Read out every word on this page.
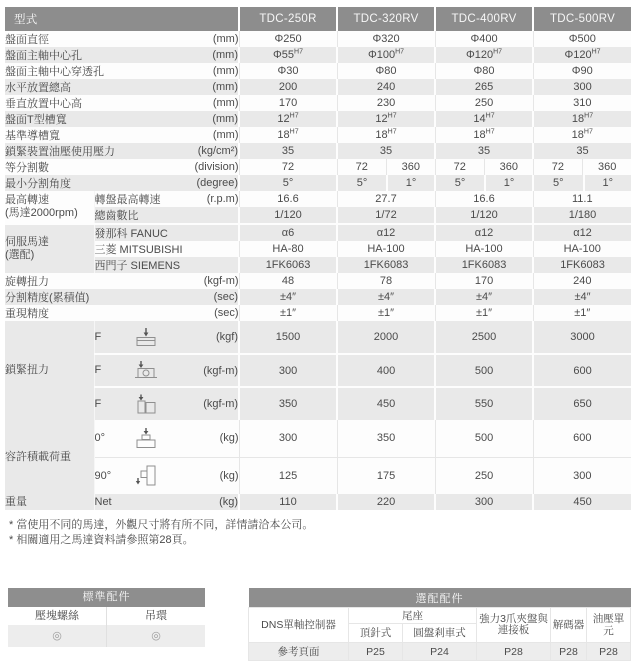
型式			TDC-250R	TDC-320RV	TDC-400RV	TDC-500RV
盤面直徑		(mm)	Φ250	Φ320	Φ400	Φ500
盤面主軸中心孔		(mm)	$\Phi 55^{H7}$	$\Phi 100^{H7}$	$\Phi 120^{H7}$	$\Phi 120^{H7}$
盤面主軸中心穿透孔		(mm)	Φ30	Φ80	Φ80	Φ90
水平放置總高		(mm)	200	240	265	300
垂直放置中心高		(mm)	170	230	250	310
盤面T型槽寬		(mm)	$12^{H7}$	$12^{H7}$	$14^{H7}$	$18^{H7}$
基準導槽寬		(mm)	$18^{H7}$	$18^{H7}$	$18^{H7}$	$18^{H7}$
鎖緊裝置油壓使用壓力		(kg/cm²)	35	35	35	35
等分割數		(division)	72	72 360	72 360	72 360

最小分割角度		(degree)	5°	5° 1°	5° 1°	5° 1°

最高轉速
(馬達2000rpm)	轉盤最高轉速	(r.p.m)	16.6	27.7	16.6	11.1
	總齒數比		1/120	1/72	1/120	1/180
伺服馬達
(選配)	發那科 FANUC		α6	α12	α12	α12
	三菱 MITSUBISHI		HA-80	HA-100	HA-100	HA-100
	西門子 SIEMENS		1FK6063	1FK6083	1FK6083	1FK6083
旋轉扭力		(kgf-m)	48	78	170	240
分割精度(累積值)		(sec)	±4″	±4″	±4″	±4″
重現精度		(sec)	±1″	±1″	±1″	±1″
鎖緊扭力	F	(kgf)	1500	2000	2500	3000
	F	(kgf-m)	300	400	500	600
	F	(kgf-m)	350	450	550	650
容許積載荷重	0°	(kg)	300	350	500	600
	90°	(kg)	125	175	250	300
重量	Net	(kg)	110	220	300	450
* 當使用不同的馬達，外觀尺寸將有所不同，詳情請洽本公司。
* 相關適用之馬達資料請參照第28頁。
標準配件
壓塊螺絲	吊環
◎	◎
選配配件					
DNS單軸控制器	尾座		強力3爪夾盤與連接板	解碼器	油壓單元
	頂針式	圓盤剎車式			
參考頁面	P25	P24	P28	P28	P28
